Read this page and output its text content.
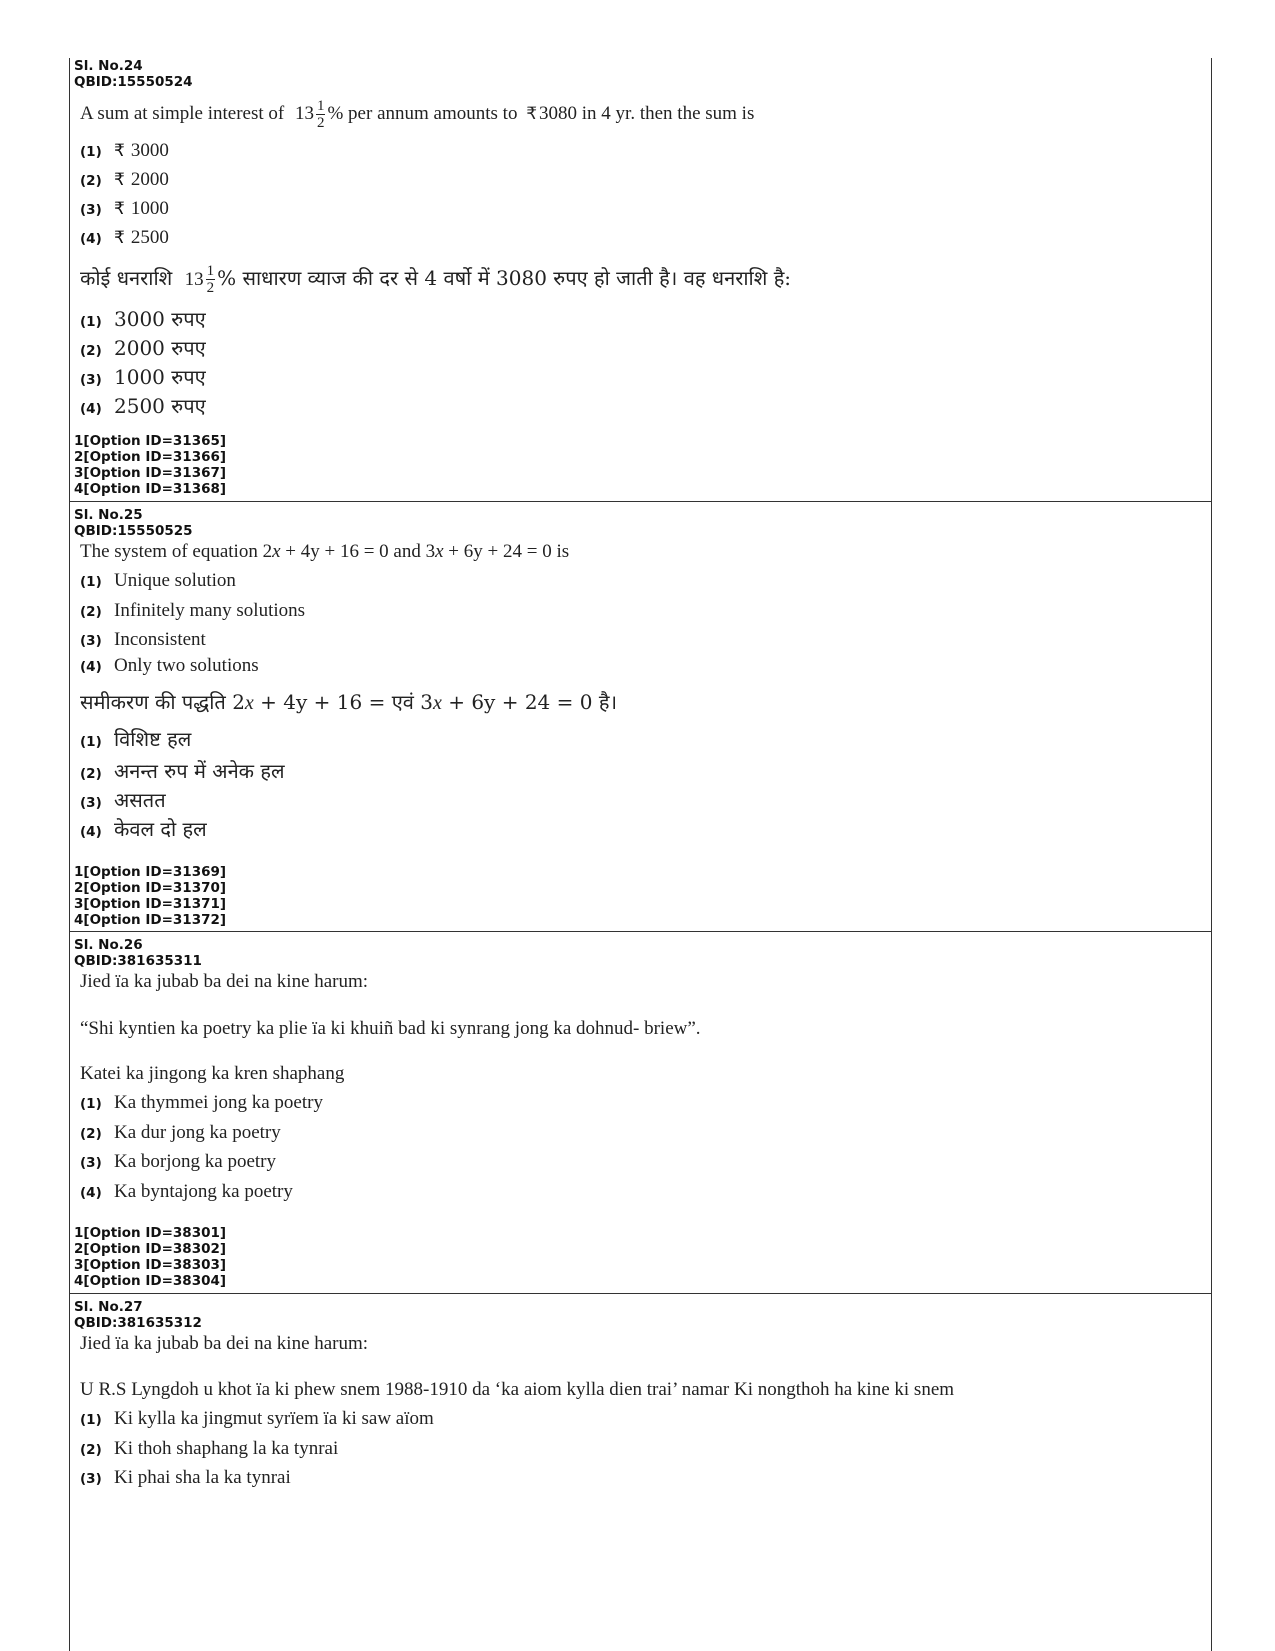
Sl. No.24
QBID:15550524
A sum at simple interest of $13 \frac{1}{2}$ % per annum amounts to ₹ 3080 in 4 yr. then the sum is
(1) ₹ 3000
(2) ₹ 2000
(3) ₹ 1000
(4) ₹ 2500
कोई धनराशि $13 \frac{1}{2}$ % साधारण व्याज की दर से 4 वर्षो में 3080 रुपए हो जाती है। वह धनराशि है:
(1) 3000 रुपए
(2) 2000 रुपए
(3) 1000 रुपए
(4) 2500 रुपए
1[Option ID=31365]
2[Option ID=31366]
3[Option ID=31367]
4[Option ID=31368]
Sl. No.25
QBID:15550525
The system of equation 2x + 4y + 16 = 0 and 3x + 6y + 24 = 0 is
(1) Unique solution
(2) Infinitely many solutions
(3) Inconsistent
(4) Only two solutions
समीकरण की पद्धति 2x + 4y + 16 = एवं 3x + 6y + 24 = 0 है।
(1) विशिष्ट हल
(2) अनन्त रुप में अनेक हल
(3) असतत
(4) केवल दो हल
1[Option ID=31369]
2[Option ID=31370]
3[Option ID=31371]
4[Option ID=31372]
Sl. No.26
QBID:381635311
Jied ïa ka jubab ba dei na kine harum:
“Shi kyntien ka poetry ka plie ïa ki khuiñ bad ki synrang jong ka dohnud- briew”.
Katei ka jingong ka kren shaphang
(1) Ka thymmei jong ka poetry
(2) Ka dur jong ka poetry
(3) Ka borjong ka poetry
(4) Ka byntajong ka poetry
1[Option ID=38301]
2[Option ID=38302]
3[Option ID=38303]
4[Option ID=38304]
Sl. No.27
QBID:381635312
Jied ïa ka jubab ba dei na kine harum:
U R.S Lyngdoh u khot ïa ki phew snem 1988-1910 da ‘ka aiom kylla dien trai’ namar Ki nongthoh ha kine ki snem
(1) Ki kylla ka jingmut syrïem ïa ki saw aïom
(2) Ki thoh shaphang la ka tynrai
(3) Ki phai sha la ka tynrai
